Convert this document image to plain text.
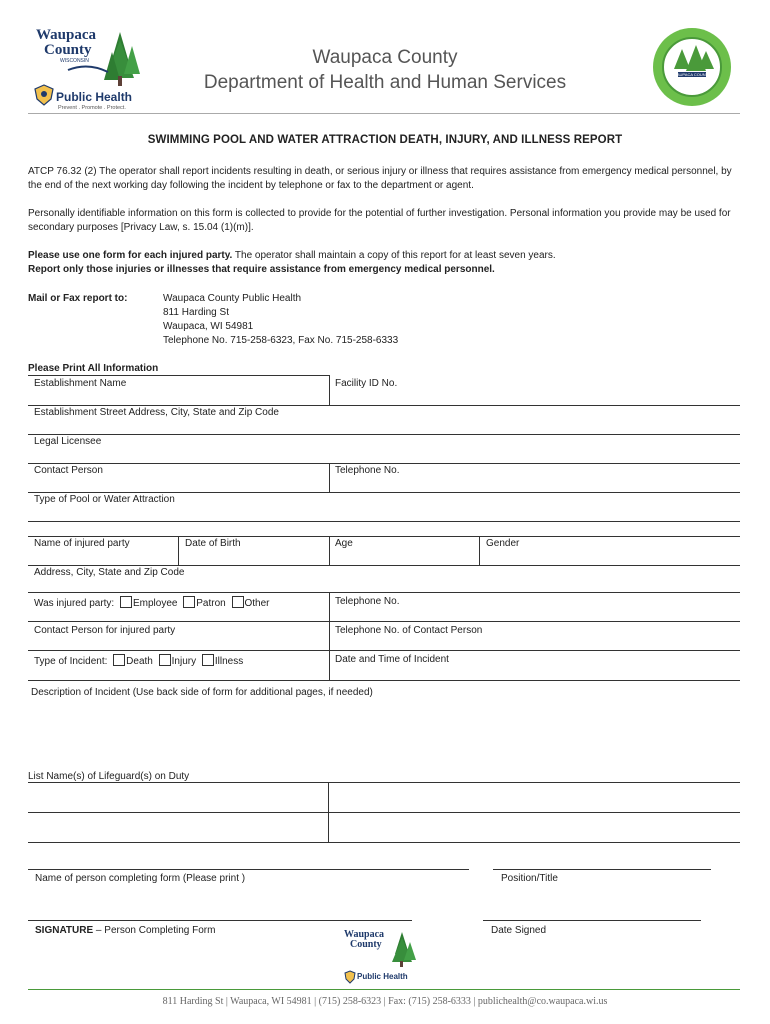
Waupaca
County
WISCONSIN
Public Health
Prevent . Promote . Protect.
Waupaca County
Department of Health and Human Services	WAUPACA COUNTY
SWIMMING POOL AND WATER ATTRACTION DEATH, INJURY, AND ILLNESS REPORT
ATCP 76.32 (2) The operator shall report incidents resulting in death, or serious injury or illness that requires assistance from emergency medical personnel, by the end of the next working day following the incident by telephone or fax to the department or agent.
Personally identifiable information on this form is collected to provide for the potential of further investigation. Personal information you provide may be used for secondary purposes [Privacy Law, s. 15.04 (1)(m)].
Please use one form for each injured party. The operator shall maintain a copy of this report for at least seven years.
Report only those injuries or illnesses that require assistance from emergency medical personnel.
Mail or Fax report to:	Waupaca County Public Health
811 Harding St
Waupaca, WI 54981
Telephone No. 715-258-6323, Fax No. 715-258-6333
Please Print All Information
Establishment Name	Facility ID No.
Establishment Street Address, City, State and Zip Code
Legal Licensee
Contact Person	Telephone No.
Type of Pool or Water Attraction
Name of injured party	Date of Birth	Age	Gender
Address, City, State and Zip Code
Was injured party: Employee Patron Other	Telephone No.
Contact Person for injured party	Telephone No. of Contact Person
Type of Incident: Death Injury Illness	Date and Time of Incident
Description of Incident (Use back side of form for additional pages, if needed)
List Name(s) of Lifeguard(s) on Duty
Name of person completing form (Please print )	Position/Title
SIGNATURE – Person Completing Form	Date Signed
Waupaca
County
Public Health
811 Harding St | Waupaca, WI 54981 | (715) 258-6323 | Fax: (715) 258-6333 | publichealth@co.waupaca.wi.us
